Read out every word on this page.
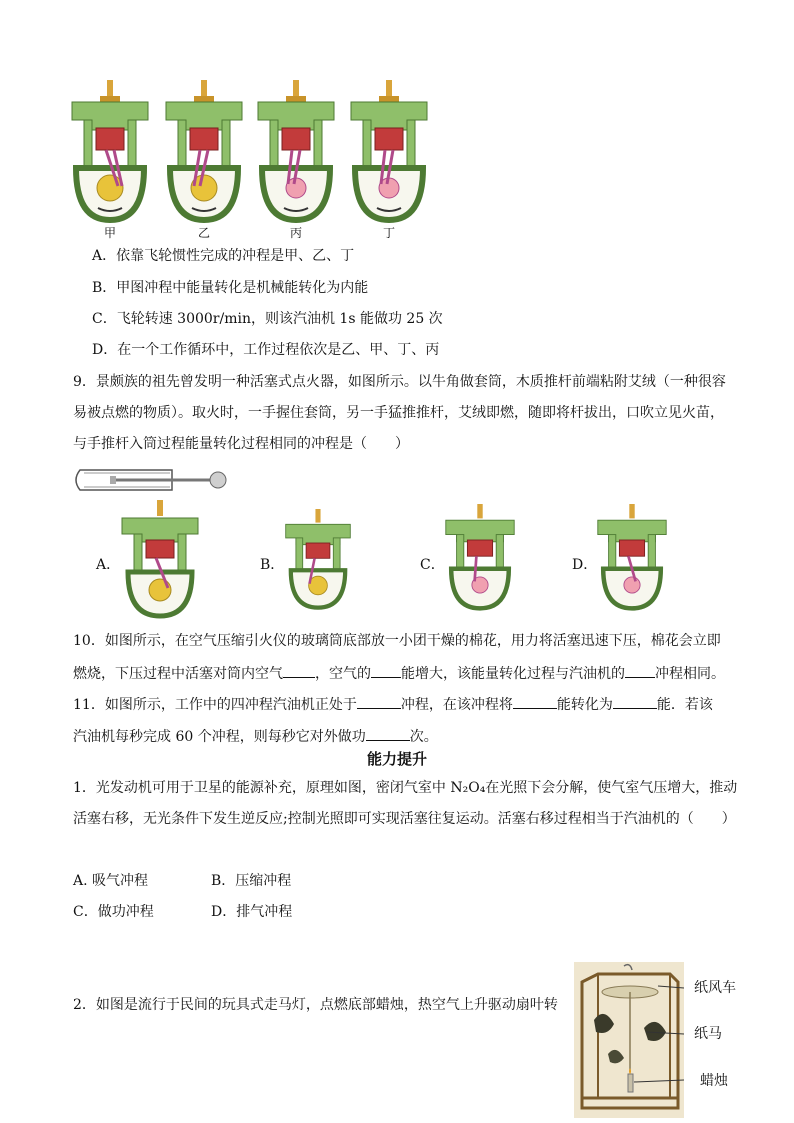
甲	乙	丙	丁
A．依靠飞轮惯性完成的冲程是甲、乙、丁
B．甲图冲程中能量转化是机械能转化为内能
C．飞轮转速 3000r/min，则该汽油机 1s 能做功 25 次
D．在一个工作循环中，工作过程依次是乙、甲、丁、丙
9．景颇族的祖先曾发明一种活塞式点火器，如图所示。以牛角做套筒，木质推杆前端粘附艾绒（一种很容
易被点燃的物质）。取火时，一手握住套筒，另一手猛推推杆，艾绒即燃，随即将杆拔出，口吹立见火苗，
与手推杆入筒过程能量转化过程相同的冲程是（　　）
A．	B．	C．	D．
10．如图所示，在空气压缩引火仪的玻璃筒底部放一小团干燥的棉花，用力将活塞迅速下压，棉花会立即
燃烧，下压过程中活塞对筒内空气 ，空气的 能增大，该能量转化过程与汽油机的 冲程相同。
11．如图所示，工作中的四冲程汽油机正处于	冲程，在该冲程将	能转化为	能．若该
汽油机每秒完成 60 个冲程，则每秒它对外做功	次。
能力提升
1．光发动机可用于卫星的能源补充，原理如图，密闭气室中 N₂O₄在光照下会分解，使气室气压增大，推动
活塞右移，无光条件下发生逆反应;控制光照即可实现活塞往复运动。活塞右移过程相当于汽油机的（　　）
A. 吸气冲程	B．压缩冲程
C．做功冲程	D．排气冲程
2．如图是流行于民间的玩具式走马灯，点燃底部蜡烛，热空气上升驱动扇叶转
纸风车
纸马
蜡烛
